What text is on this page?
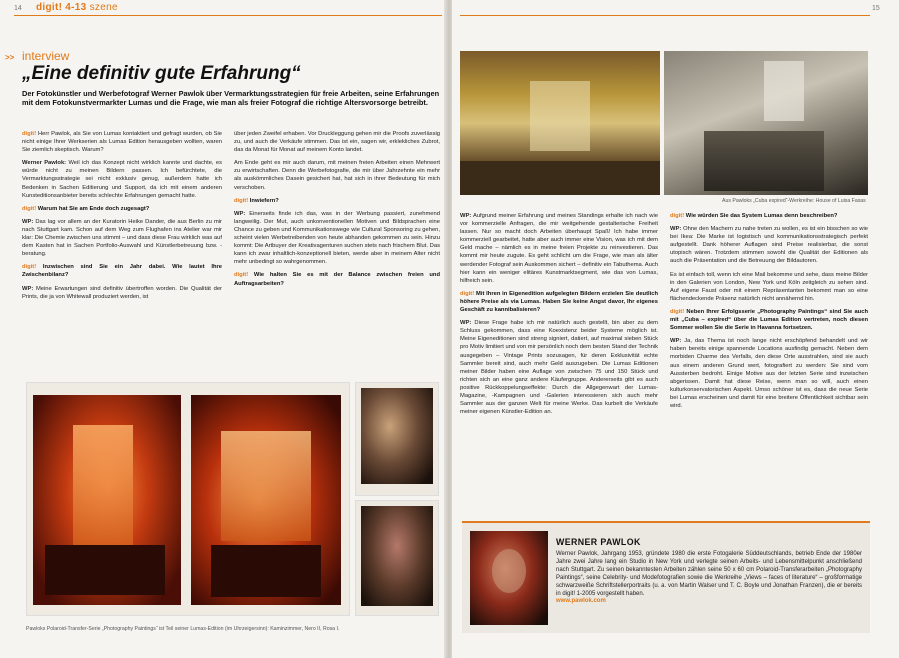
14 digit! 4-13 szene
>> interview
„Eine definitiv gute Erfahrung“
Der Fotokünstler und Werbefotograf Werner Pawlok über Vermarktungsstrategien für freie Arbeiten, seine Erfahrungen mit dem Fotokunstvermarkter Lumas und die Frage, wie man als freier Fotograf die richtige Altersvorsorge betreibt.

digit! Herr Pawlok, als Sie von Lumas kontaktiert und gefragt wurden, ob Sie nicht einige Ihrer Werkserien als Lumas Edition herausgeben wollten, waren Sie ziemlich skeptisch. Warum?

Werner Pawlok: Weil ich das Konzept nicht wirklich kannte und dachte, es würde nicht zu meinen Bildern passen. Ich befürchtete, die Vermarktungsstrategie sei nicht exklusiv genug, außerdem hatte ich Bedenken in Sachen Editierung und Support, da ich mit einem anderen Kunsteditionsanbieter bereits schlechte Erfahrungen gemacht hatte.

digit! Warum hat Sie am Ende doch zugesagt?

WP: Das lag vor allem an der Kuratorin Heike Dander, die aus Berlin zu mir nach Stuttgart kam. Schon auf dem Weg zum Flughafen ins Atelier war mir klar: Die Chemie zwischen uns stimmt – und dass diese Frau wirklich was auf dem Kasten hat in Sachen Portfolio-Auswahl und Künstlerbetreuung bzw. -beratung.

digit! Inzwischen sind Sie ein Jahr dabei. Wie lautet Ihre Zwischenbilanz?

WP: Meine Erwartungen sind definitiv übertroffen worden. Die Qualität der Prints, die ja von Whitewall produziert werden, ist

über jeden Zweifel erhaben. Vor Druckleggung gehen mir die Proofs zuverlässig zu, und auch die Verkäufe stimmen. Das ist ein, sagen wir, erklekliches Zubrot, das da Monat für Monat auf meinem Konto landet.

Am Ende geht es mir auch darum, mit meinen freien Arbeiten einen Mehrwert zu erwirtschaften. Denn die Werbefotografie, die mir über Jahrzehnte ein mehr als auskömmliches Dasein gesichert hat, hat sich in ihrer Bedeutung für mich verschoben.

digit! Inwiefern?

WP: Einerseits finde ich das, was in der Werbung passiert, zunehmend langweilig. Der Mut, auch unkonventionellen Motiven und Bildsprachen eine Chance zu geben und Kommunikationswege wie Cultural Sponsoring zu gehen, scheint vielen Werbetreibenden von heute abhanden gekommen zu sein. Hinzu kommt: Die Artbuyer der Kreativagenturen suchen stets nach frischem Blut. Das kann ich zwar inhaltlich-konzeptionell bieten, werde aber in meinem Alter nicht mehr unbedingt so wahrgenommen.

digit! Wie halten Sie es mit der Balance zwischen freien und Auftragsarbeiten?

Pawloks Polaroid-Transfer-Serie „Photography Paintings“ ist Teil seiner Lumas-Edition (im Uhrzeigersinn): Kaminzimmer, Nero II, Rosa I.
15
Aus Pawloks „Cuba expired“-Werkreihe: House of Luisa Faxas

WP: Aufgrund meiner Erfahrung und meines Standings erhalte ich nach wie vor kommerzielle Anfragen, die mir weitgehende gestalterische Freiheit lassen. Nur so macht doch Arbeiten überhaupt Spaß! Ich habe immer kommerziell gearbeitet, hatte aber auch immer eine Vision, was ich mit dem Geld mache – nämlich es in meine freien Projekte zu reinvestieren. Das kommt mir heute zugute. Es geht schlicht um die Frage, wie man als älter werdender Fotograf sein Auskommen sichert – definitiv ein Tabuthema. Auch hier kann ein weniger elitäres Kunstmarktsegment, wie das von Lumas, hilfreich sein.

digit! Mit Ihren in Eigenedition aufgelegten Bildern erzielen Sie deutlich höhere Preise als via Lumas. Haben Sie keine Angst davor, Ihr eigenes Geschäft zu kannibalisieren?

WP: Diese Frage habe ich mir natürlich auch gestellt, bin aber zu dem Schluss gekommen, dass eine Koexistenz beider Systeme möglich ist. Meine Eigeneditionen sind streng signiert, datiert, auf maximal sieben Stück pro Motiv limitiert und von mir persönlich noch dem besten Stand der Technik ausgegeben – Vintage Prints sozusagen, für deren Exklusivität echte Sammler bereit sind, auch mehr Geld auszugeben. Die Lumas Editionen meiner Bilder haben eine Auflage von zwischen 75 und 150 Stück und richten sich an eine ganz andere Käufergruppe. Andererseits gibt es auch positive Rückkoppelungseffekte: Durch die Allgegenwart der Lumas-Magazine, -Kampagnen und -Galerien interessieren sich auch mehr Sammler aus der ganzen Welt für meine Werke. Das kurbelt die Verkäufe meiner eigenen Künstler-Edition an.

digit! Wie würden Sie das System Lumas denn beschreiben?

WP: Ohne den Machern zu nahe treten zu wollen, es ist ein bisschen so wie bei Ikea: Die Marke ist logistisch und kommunikationsstrategisch perfekt aufgestellt. Dank höherer Auflagen sind Preise realisierbar, die sonst utopisch wären. Trotzdem stimmen sowohl die Qualität der Editionen als auch die Präsentation und die Betreuung der Bildautoren.

Es ist einfach toll, wenn ich eine Mail bekomme und sehe, dass meine Bilder in den Galerien von London, New York und Köln zeitgleich zu sehen sind. Auf eigene Faust oder mit einem Repräsentanten bekommt man so eine flächendeckende Präsenz natürlich nicht annähernd hin.

digit! Neben Ihrer Erfolgsserie „Photography Paintings“ sind Sie auch mit „Cuba – expired“ über die Lumas Edition vertreten, noch diesen Sommer wollen Sie die Serie in Havanna fortsetzen.

WP: Ja, das Thema ist noch lange nicht erschöpfend behandelt und wir haben bereits einige spannende Locations ausfindig gemacht. Neben dem morbiden Charme des Verfalls, den diese Orte ausstrahlen, sind sie auch aus einem anderen Grund wert, fotografiert zu werden: Sie sind vom Aussterben bedroht. Einige Motive aus der letzten Serie sind inzwischen abgerissen. Damit hat diese Reise, wenn man so will, auch einen kulturkonservatorischen Aspekt. Umso schöner ist es, dass die neue Serie bei Lumas erscheinen und damit für eine breitere Öffentlichkeit sichtbar sein wird.

WERNER PAWLOK
Werner Pawlok, Jahrgang 1953, gründete 1980 die erste Fotogalerie Süddeutschlands, betrieb Ende der 1980er Jahre zwei Jahre lang ein Studio in New York und verlegte seinen Arbeits- und Lebensmittelpunkt anschließend nach Stuttgart. Zu seinen bekanntesten Arbeiten zählen seine 50 x 60 cm Polaroid-Transferarbeiten „Photography Paintings“, seine Celebrity- und Modefotografien sowie die Werkreihe „Views – faces of literature“ – großformatige schwarzweiße Schriftstellerportraits (u. a. von Martin Walser und T. C. Boyle und Jonathan Franzen), die er bereits in digit! 1-2005 vorgestellt haben.
www.pawlok.com
